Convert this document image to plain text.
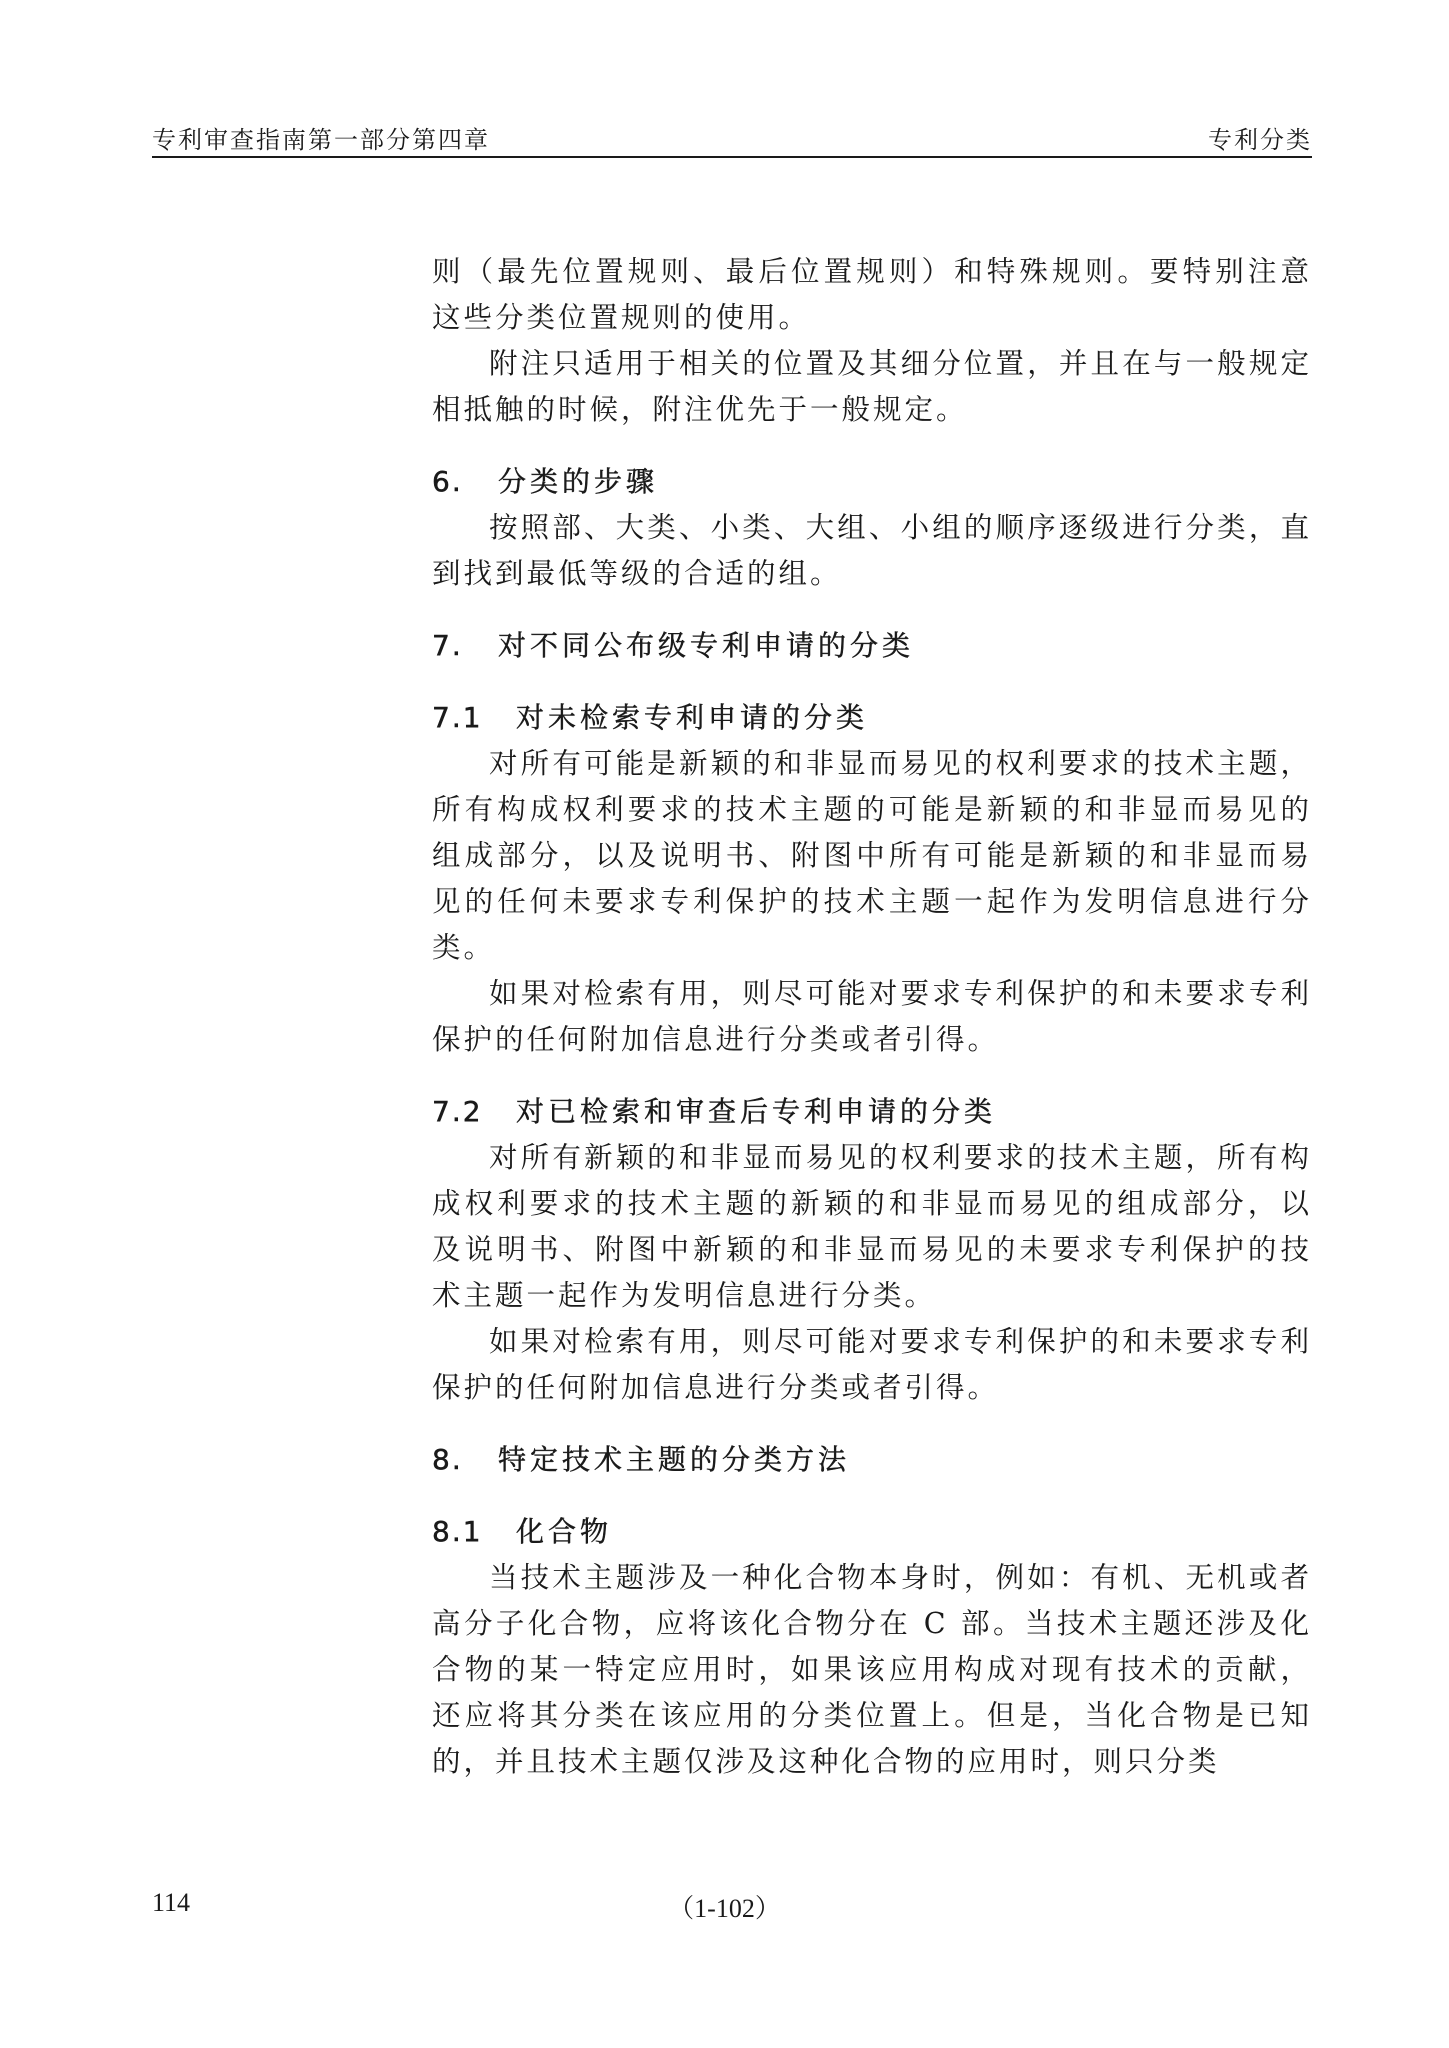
专利审查指南第一部分第四章	专利分类

则（最先位置规则、最后位置规则）和特殊规则。要特别注意这些分类位置规则的使用。

附注只适用于相关的位置及其细分位置，并且在与一般规定相抵触的时候，附注优先于一般规定。

6. 分类的步骤

按照部、大类、小类、大组、小组的顺序逐级进行分类，直到找到最低等级的合适的组。

7. 对不同公布级专利申请的分类
7.1 对未检索专利申请的分类

对所有可能是新颖的和非显而易见的权利要求的技术主题，所有构成权利要求的技术主题的可能是新颖的和非显而易见的组成部分，以及说明书、附图中所有可能是新颖的和非显而易见的任何未要求专利保护的技术主题一起作为发明信息进行分类。

如果对检索有用，则尽可能对要求专利保护的和未要求专利保护的任何附加信息进行分类或者引得。

7.2 对已检索和审查后专利申请的分类

对所有新颖的和非显而易见的权利要求的技术主题，所有构成权利要求的技术主题的新颖的和非显而易见的组成部分，以及说明书、附图中新颖的和非显而易见的未要求专利保护的技术主题一起作为发明信息进行分类。

如果对检索有用，则尽可能对要求专利保护的和未要求专利保护的任何附加信息进行分类或者引得。

8. 特定技术主题的分类方法
8.1 化合物

当技术主题涉及一种化合物本身时，例如：有机、无机或者高分子化合物，应将该化合物分在 C 部。当技术主题还涉及化合物的某一特定应用时，如果该应用构成对现有技术的贡献，还应将其分类在该应用的分类位置上。但是，当化合物是已知的，并且技术主题仅涉及这种化合物的应用时，则只分类

114	（1-102）
